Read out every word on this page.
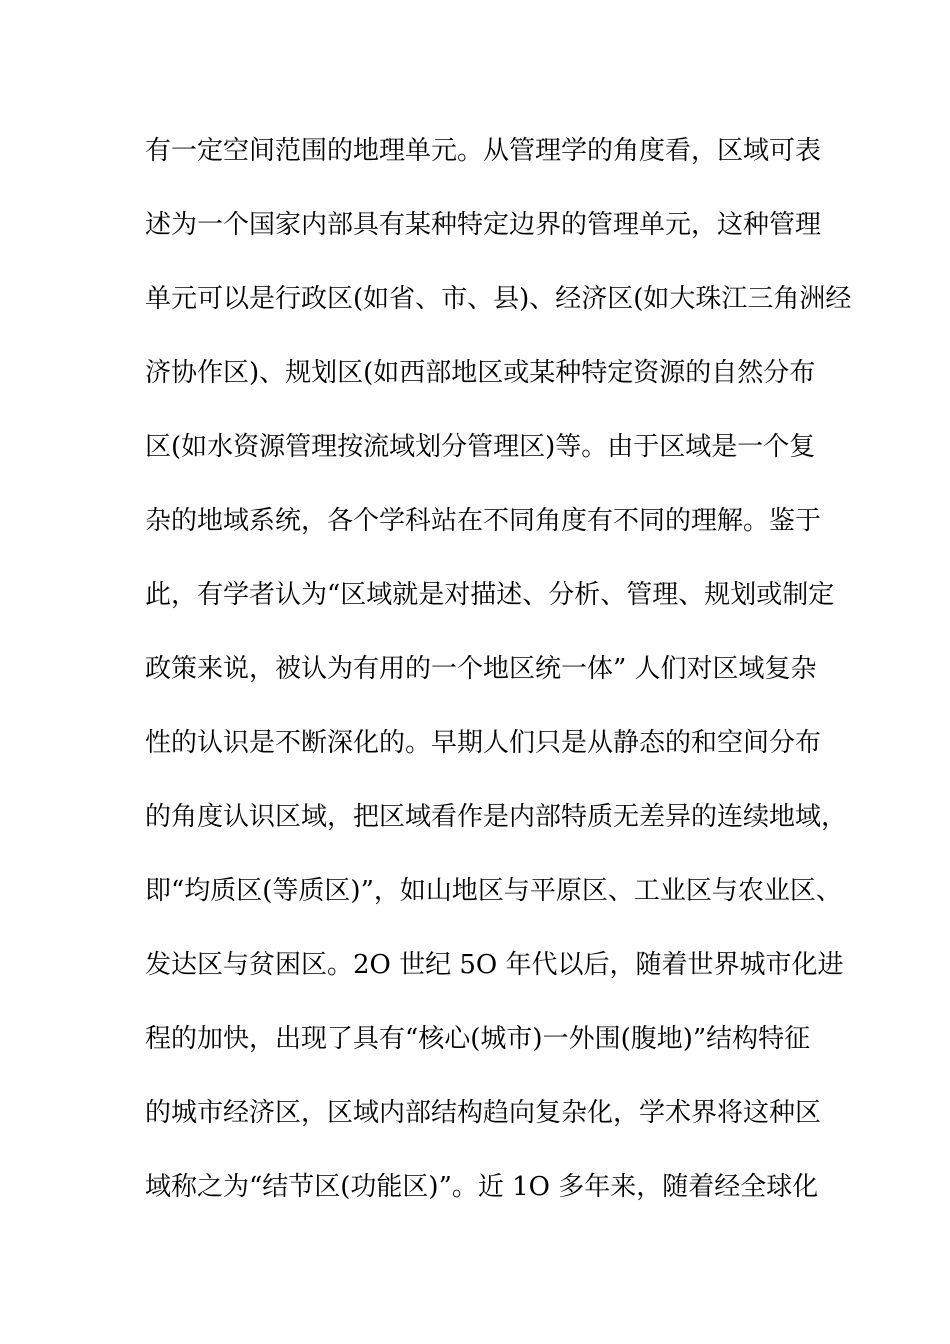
有一定空间范围的地理单元。从管理学的角度看，区域可表
述为一个国家内部具有某种特定边界的管理单元，这种管理
单元可以是行政区(如省、市、县)、经济区(如大珠江三角洲经
济协作区)、规划区(如西部地区或某种特定资源的自然分布
区(如水资源管理按流域划分管理区)等。由于区域是一个复
杂的地域系统，各个学科站在不同角度有不同的理解。鉴于
此，有学者认为“区域就是对描述、分析、管理、规划或制定
政策来说，被认为有用的一个地区统一体” 人们对区域复杂
性的认识是不断深化的。早期人们只是从静态的和空间分布
的角度认识区域，把区域看作是内部特质无差异的连续地域，
即“均质区(等质区)”，如山地区与平原区、工业区与农业区、
发达区与贫困区。2O 世纪 5O 年代以后，随着世界城市化进
程的加快，出现了具有“核心(城市)一外围(腹地)”结构特征
的城市经济区，区域内部结构趋向复杂化，学术界将这种区
域称之为“结节区(功能区)”。近 1O 多年来，随着经全球化
